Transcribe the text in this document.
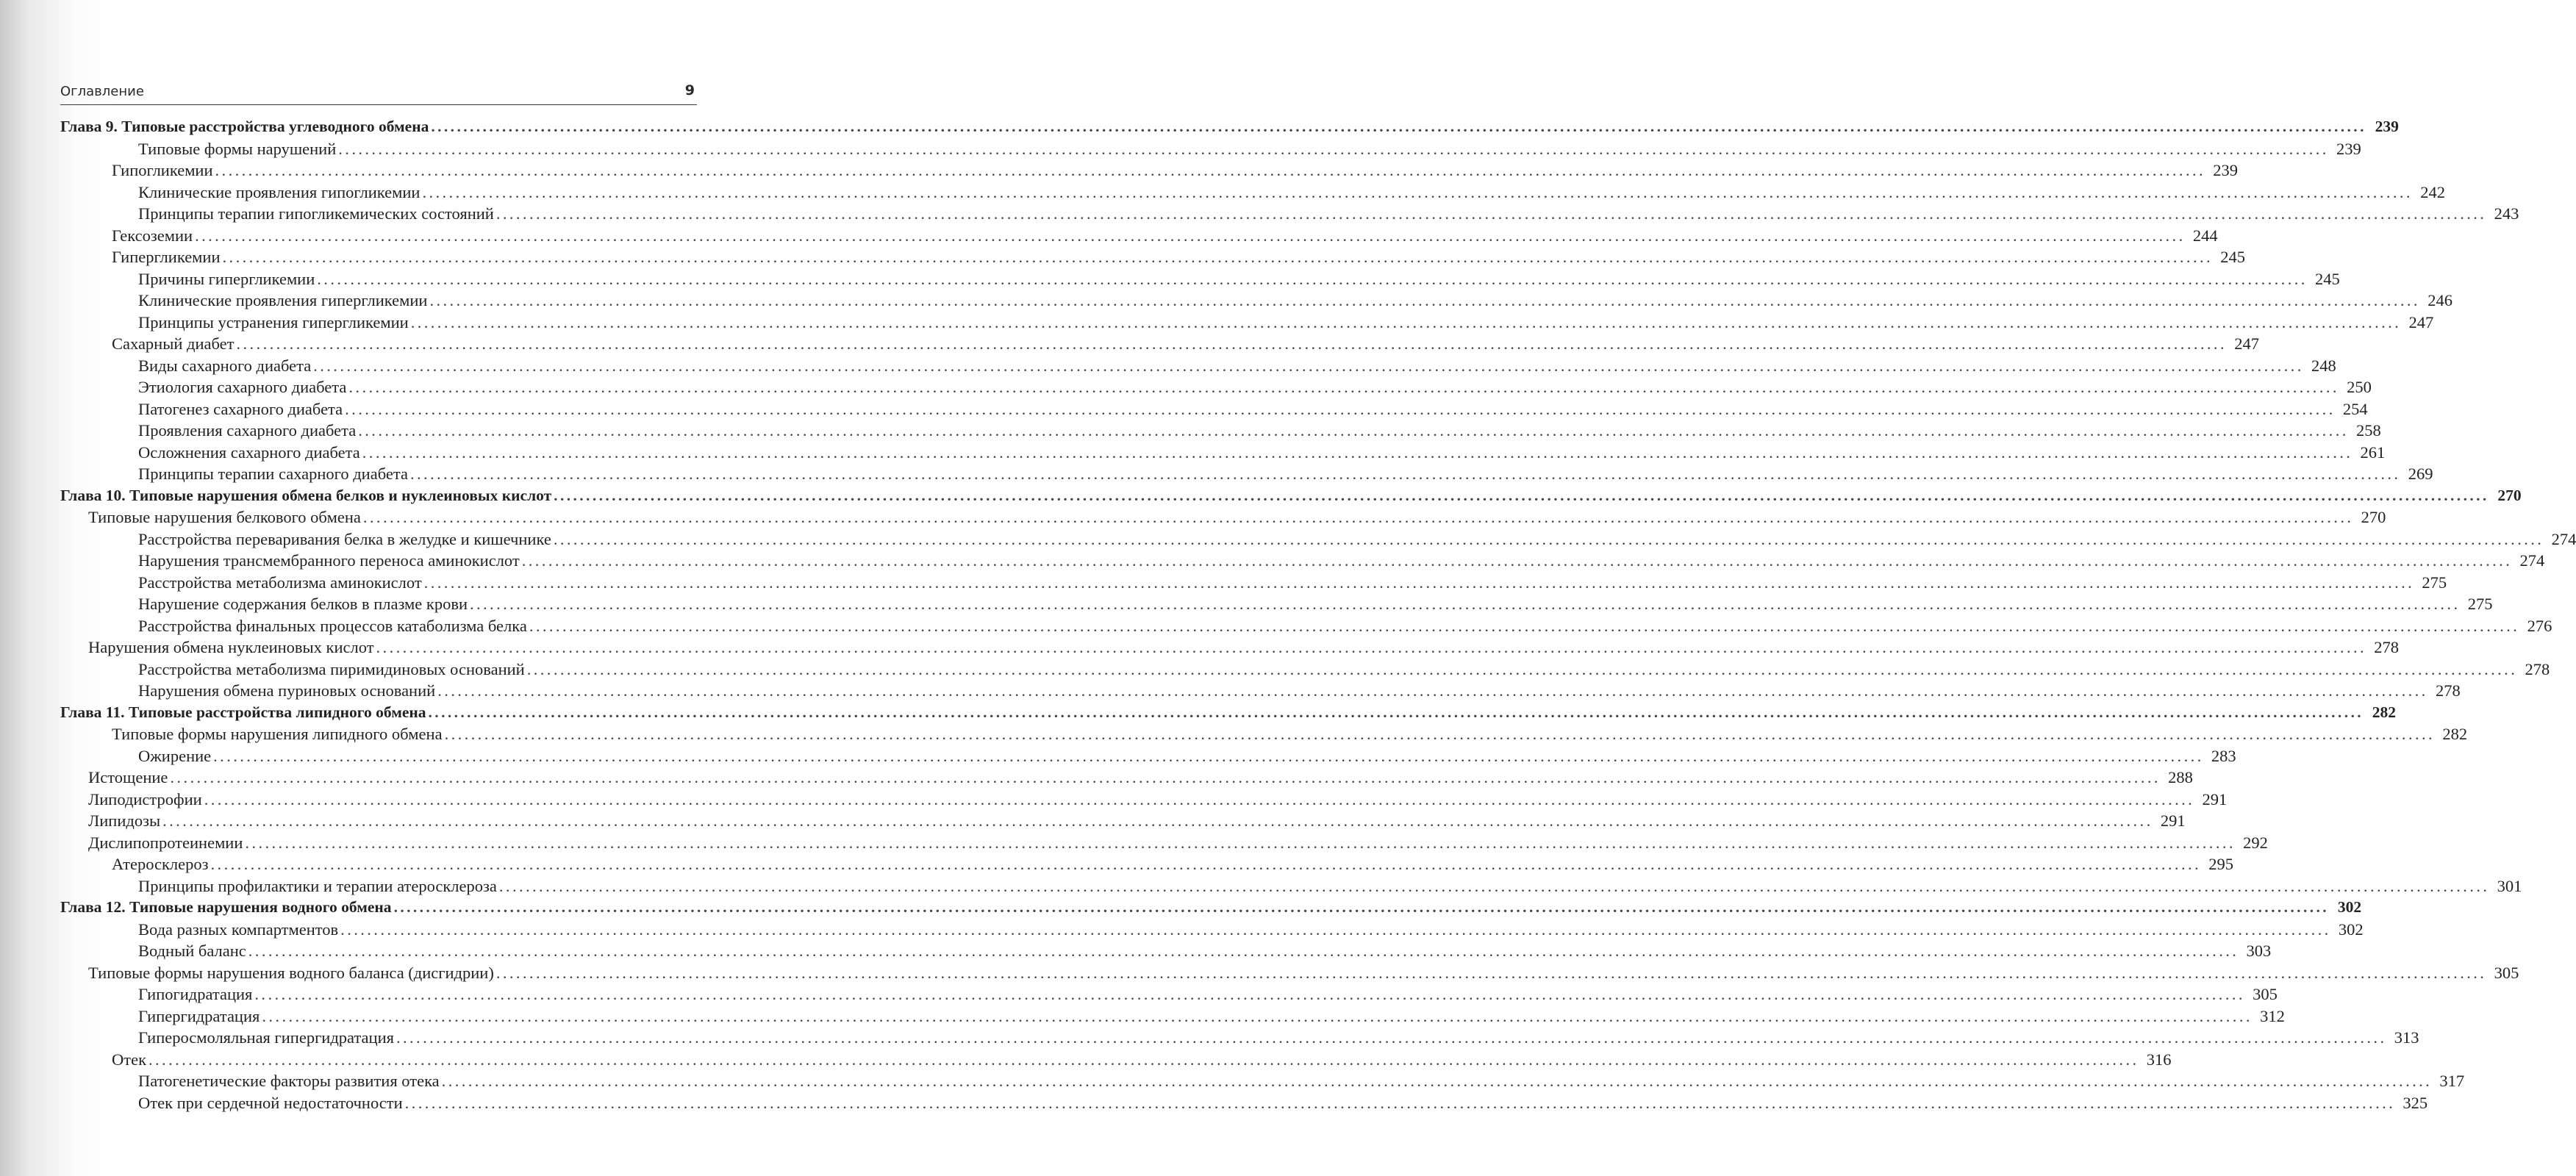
Оглавление	9
Глава 9. Типовые расстройства углеводного обмена ............................................................................................................................................................................................................................................................................................................ 239
Типовые формы нарушений ............................................................................................................................................................................................................................................................................................................ 239
Гипогликемии ............................................................................................................................................................................................................................................................................................................ 239
Клинические проявления гипогликемии ............................................................................................................................................................................................................................................................................................................ 242
Принципы терапии гипогликемических состояний ............................................................................................................................................................................................................................................................................................................ 243
Гексоземии ............................................................................................................................................................................................................................................................................................................ 244
Гипергликемии ............................................................................................................................................................................................................................................................................................................ 245
Причины гипергликемии ............................................................................................................................................................................................................................................................................................................ 245
Клинические проявления гипергликемии ............................................................................................................................................................................................................................................................................................................ 246
Принципы устранения гипергликемии ............................................................................................................................................................................................................................................................................................................ 247
Сахарный диабет ............................................................................................................................................................................................................................................................................................................ 247
Виды сахарного диабета ............................................................................................................................................................................................................................................................................................................ 248
Этиология сахарного диабета ............................................................................................................................................................................................................................................................................................................ 250
Патогенез сахарного диабета ............................................................................................................................................................................................................................................................................................................ 254
Проявления сахарного диабета ............................................................................................................................................................................................................................................................................................................ 258
Осложнения сахарного диабета ............................................................................................................................................................................................................................................................................................................ 261
Принципы терапии сахарного диабета ............................................................................................................................................................................................................................................................................................................ 269
Глава 10. Типовые нарушения обмена белков и нуклеиновых кислот ............................................................................................................................................................................................................................................................................................................ 270
Типовые нарушения белкового обмена ............................................................................................................................................................................................................................................................................................................ 270
Расстройства переваривания белка в желудке и кишечнике ............................................................................................................................................................................................................................................................................................................ 274
Нарушения трансмембранного переноса аминокислот ............................................................................................................................................................................................................................................................................................................ 274
Расстройства метаболизма аминокислот ............................................................................................................................................................................................................................................................................................................ 275
Нарушение содержания белков в плазме крови ............................................................................................................................................................................................................................................................................................................ 275
Расстройства финальных процессов катаболизма белка ............................................................................................................................................................................................................................................................................................................ 276
Нарушения обмена нуклеиновых кислот ............................................................................................................................................................................................................................................................................................................ 278
Расстройства метаболизма пиримидиновых оснований ............................................................................................................................................................................................................................................................................................................ 278
Нарушения обмена пуриновых оснований ............................................................................................................................................................................................................................................................................................................ 278
Глава 11. Типовые расстройства липидного обмена ............................................................................................................................................................................................................................................................................................................ 282
Типовые формы нарушения липидного обмена ............................................................................................................................................................................................................................................................................................................ 282
Ожирение ............................................................................................................................................................................................................................................................................................................ 283
Истощение ............................................................................................................................................................................................................................................................................................................ 288
Липодистрофии ............................................................................................................................................................................................................................................................................................................ 291
Липидозы ............................................................................................................................................................................................................................................................................................................ 291
Дислипопротеинемии ............................................................................................................................................................................................................................................................................................................ 292
Атеросклероз ............................................................................................................................................................................................................................................................................................................ 295
Принципы профилактики и терапии атеросклероза ............................................................................................................................................................................................................................................................................................................ 301
Глава 12. Типовые нарушения водного обмена ............................................................................................................................................................................................................................................................................................................ 302
Вода разных компартментов ............................................................................................................................................................................................................................................................................................................ 302
Водный баланс ............................................................................................................................................................................................................................................................................................................ 303
Типовые формы нарушения водного баланса (дисгидрии) ............................................................................................................................................................................................................................................................................................................ 305
Гипогидратация ............................................................................................................................................................................................................................................................................................................ 305
Гипергидратация ............................................................................................................................................................................................................................................................................................................ 312
Гиперосмоляльная гипергидратация ............................................................................................................................................................................................................................................................................................................ 313
Отек ............................................................................................................................................................................................................................................................................................................ 316
Патогенетические факторы развития отека ............................................................................................................................................................................................................................................................................................................ 317
Отек при сердечной недостаточности ............................................................................................................................................................................................................................................................................................................ 325
